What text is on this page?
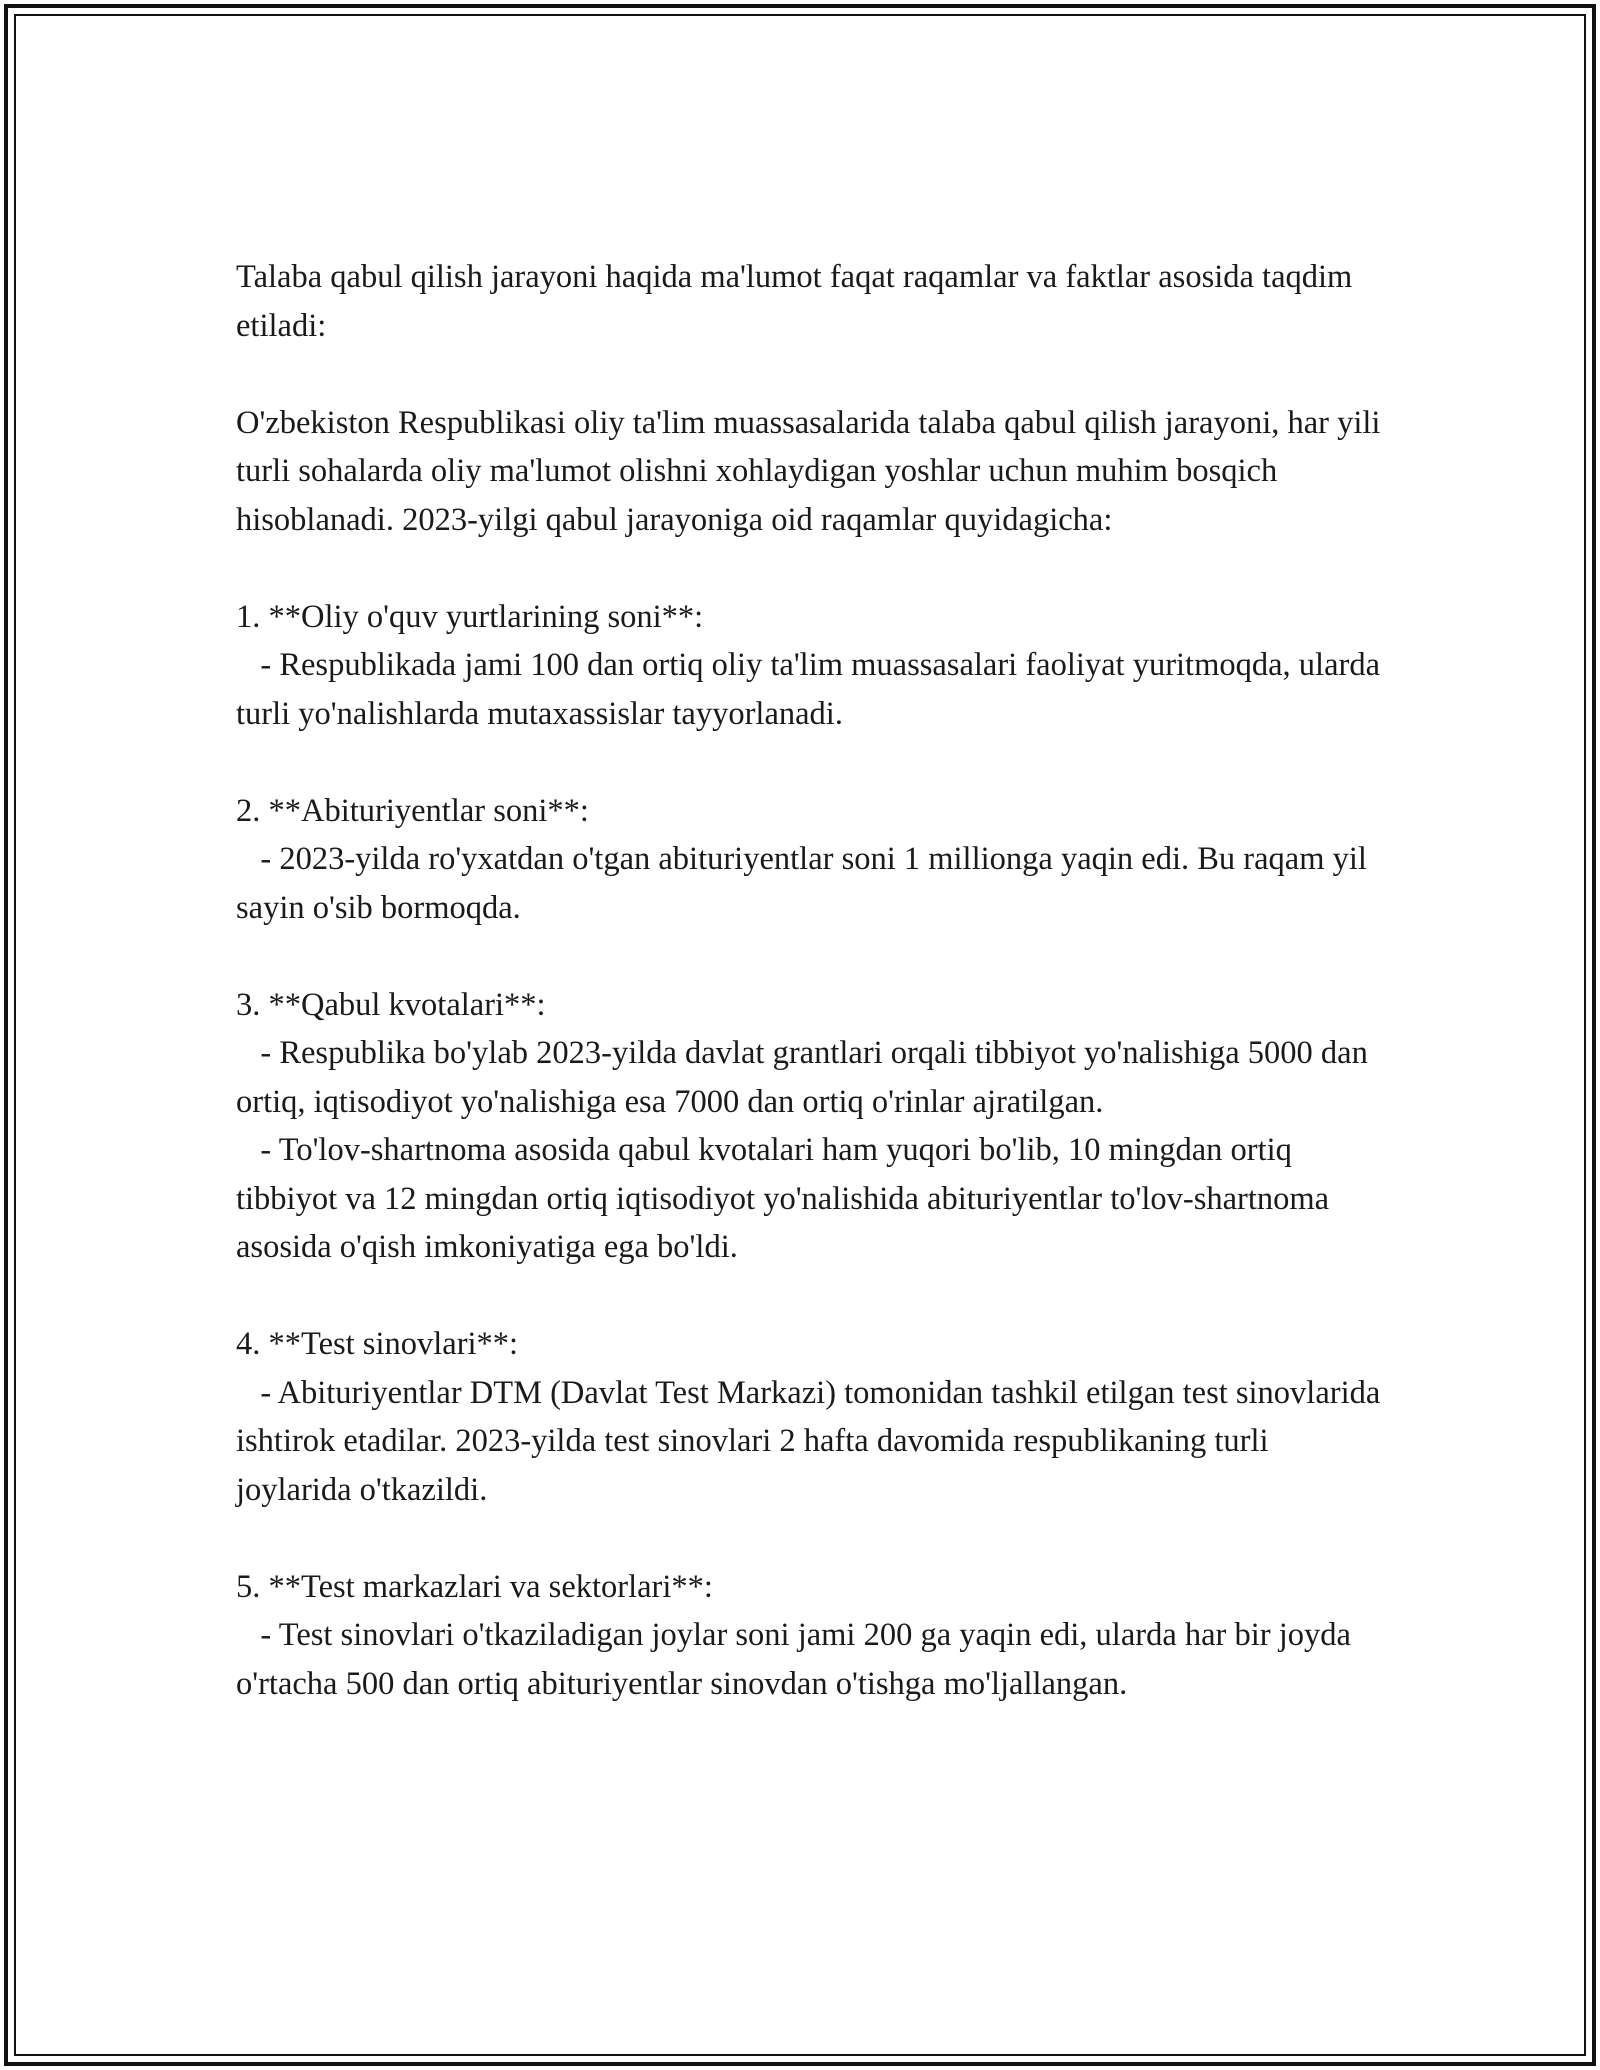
Talaba qabul qilish jarayoni haqida ma'lumot faqat raqamlar va faktlar asosida taqdim etiladi:

O'zbekiston Respublikasi oliy ta'lim muassasalarida talaba qabul qilish jarayoni, har yili turli sohalarda oliy ma'lumot olishni xohlaydigan yoshlar uchun muhim bosqich hisoblanadi. 2023-yilgi qabul jarayoniga oid raqamlar quyidagicha:

1. **Oliy o'quv yurtlarining soni**:

- Respublikada jami 100 dan ortiq oliy ta'lim muassasalari faoliyat yuritmoqda, ularda turli yo'nalishlarda mutaxassislar tayyorlanadi.

2. **Abituriyentlar soni**:

- 2023-yilda ro'yxatdan o'tgan abituriyentlar soni 1 millionga yaqin edi. Bu raqam yil sayin o'sib bormoqda.

3. **Qabul kvotalari**:

- Respublika bo'ylab 2023-yilda davlat grantlari orqali tibbiyot yo'nalishiga 5000 dan ortiq, iqtisodiyot yo'nalishiga esa 7000 dan ortiq o'rinlar ajratilgan.

- To'lov-shartnoma asosida qabul kvotalari ham yuqori bo'lib, 10 mingdan ortiq tibbiyot va 12 mingdan ortiq iqtisodiyot yo'nalishida abituriyentlar to'lov-shartnoma asosida o'qish imkoniyatiga ega bo'ldi.

4. **Test sinovlari**:

- Abituriyentlar DTM (Davlat Test Markazi) tomonidan tashkil etilgan test sinovlarida ishtirok etadilar. 2023-yilda test sinovlari 2 hafta davomida respublikaning turli joylarida o'tkazildi.

5. **Test markazlari va sektorlari**:

- Test sinovlari o'tkaziladigan joylar soni jami 200 ga yaqin edi, ularda har bir joyda o'rtacha 500 dan ortiq abituriyentlar sinovdan o'tishga mo'ljallangan.
